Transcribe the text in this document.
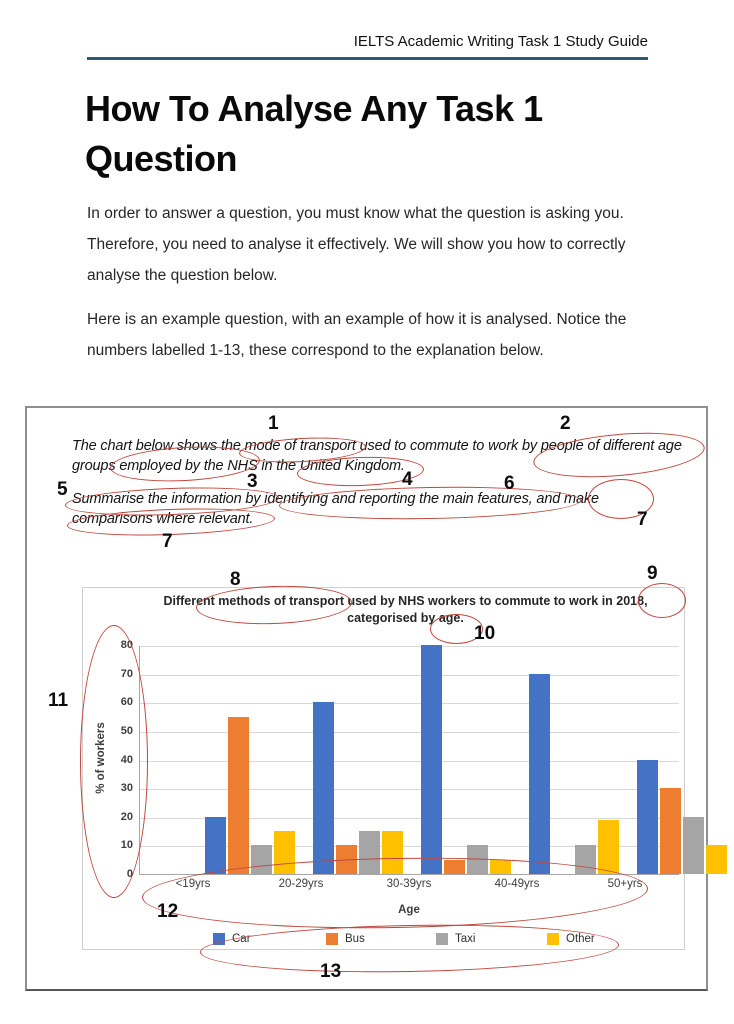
IELTS Academic Writing Task 1 Study Guide
How To Analyse Any Task 1 Question

In order to answer a question, you must know what the question is asking you. Therefore, you need to analyse it effectively. We will show you how to correctly analyse the question below.

Here is an example question, with an example of how it is analysed. Notice the numbers labelled 1-13, these correspond to the explanation below.

The chart below shows the mode of transport used to commute to work by people of different age
groups employed by the NHS in the United Kingdom.
Summarise the information by identifying and reporting the main features, and make
comparisons where relevant.
Different methods of transport used by NHS workers to commute to work in 2018,
categorised by age.
% of workers
Age
0
10
20
30
40
50
60
70
80
<19yrs	20-29yrs	30-39yrs	40-49yrs	50+yrs
Car	Bus	Taxi	Other
1	2
3	4
5	6
7
7
8	9
10
11
12
13
